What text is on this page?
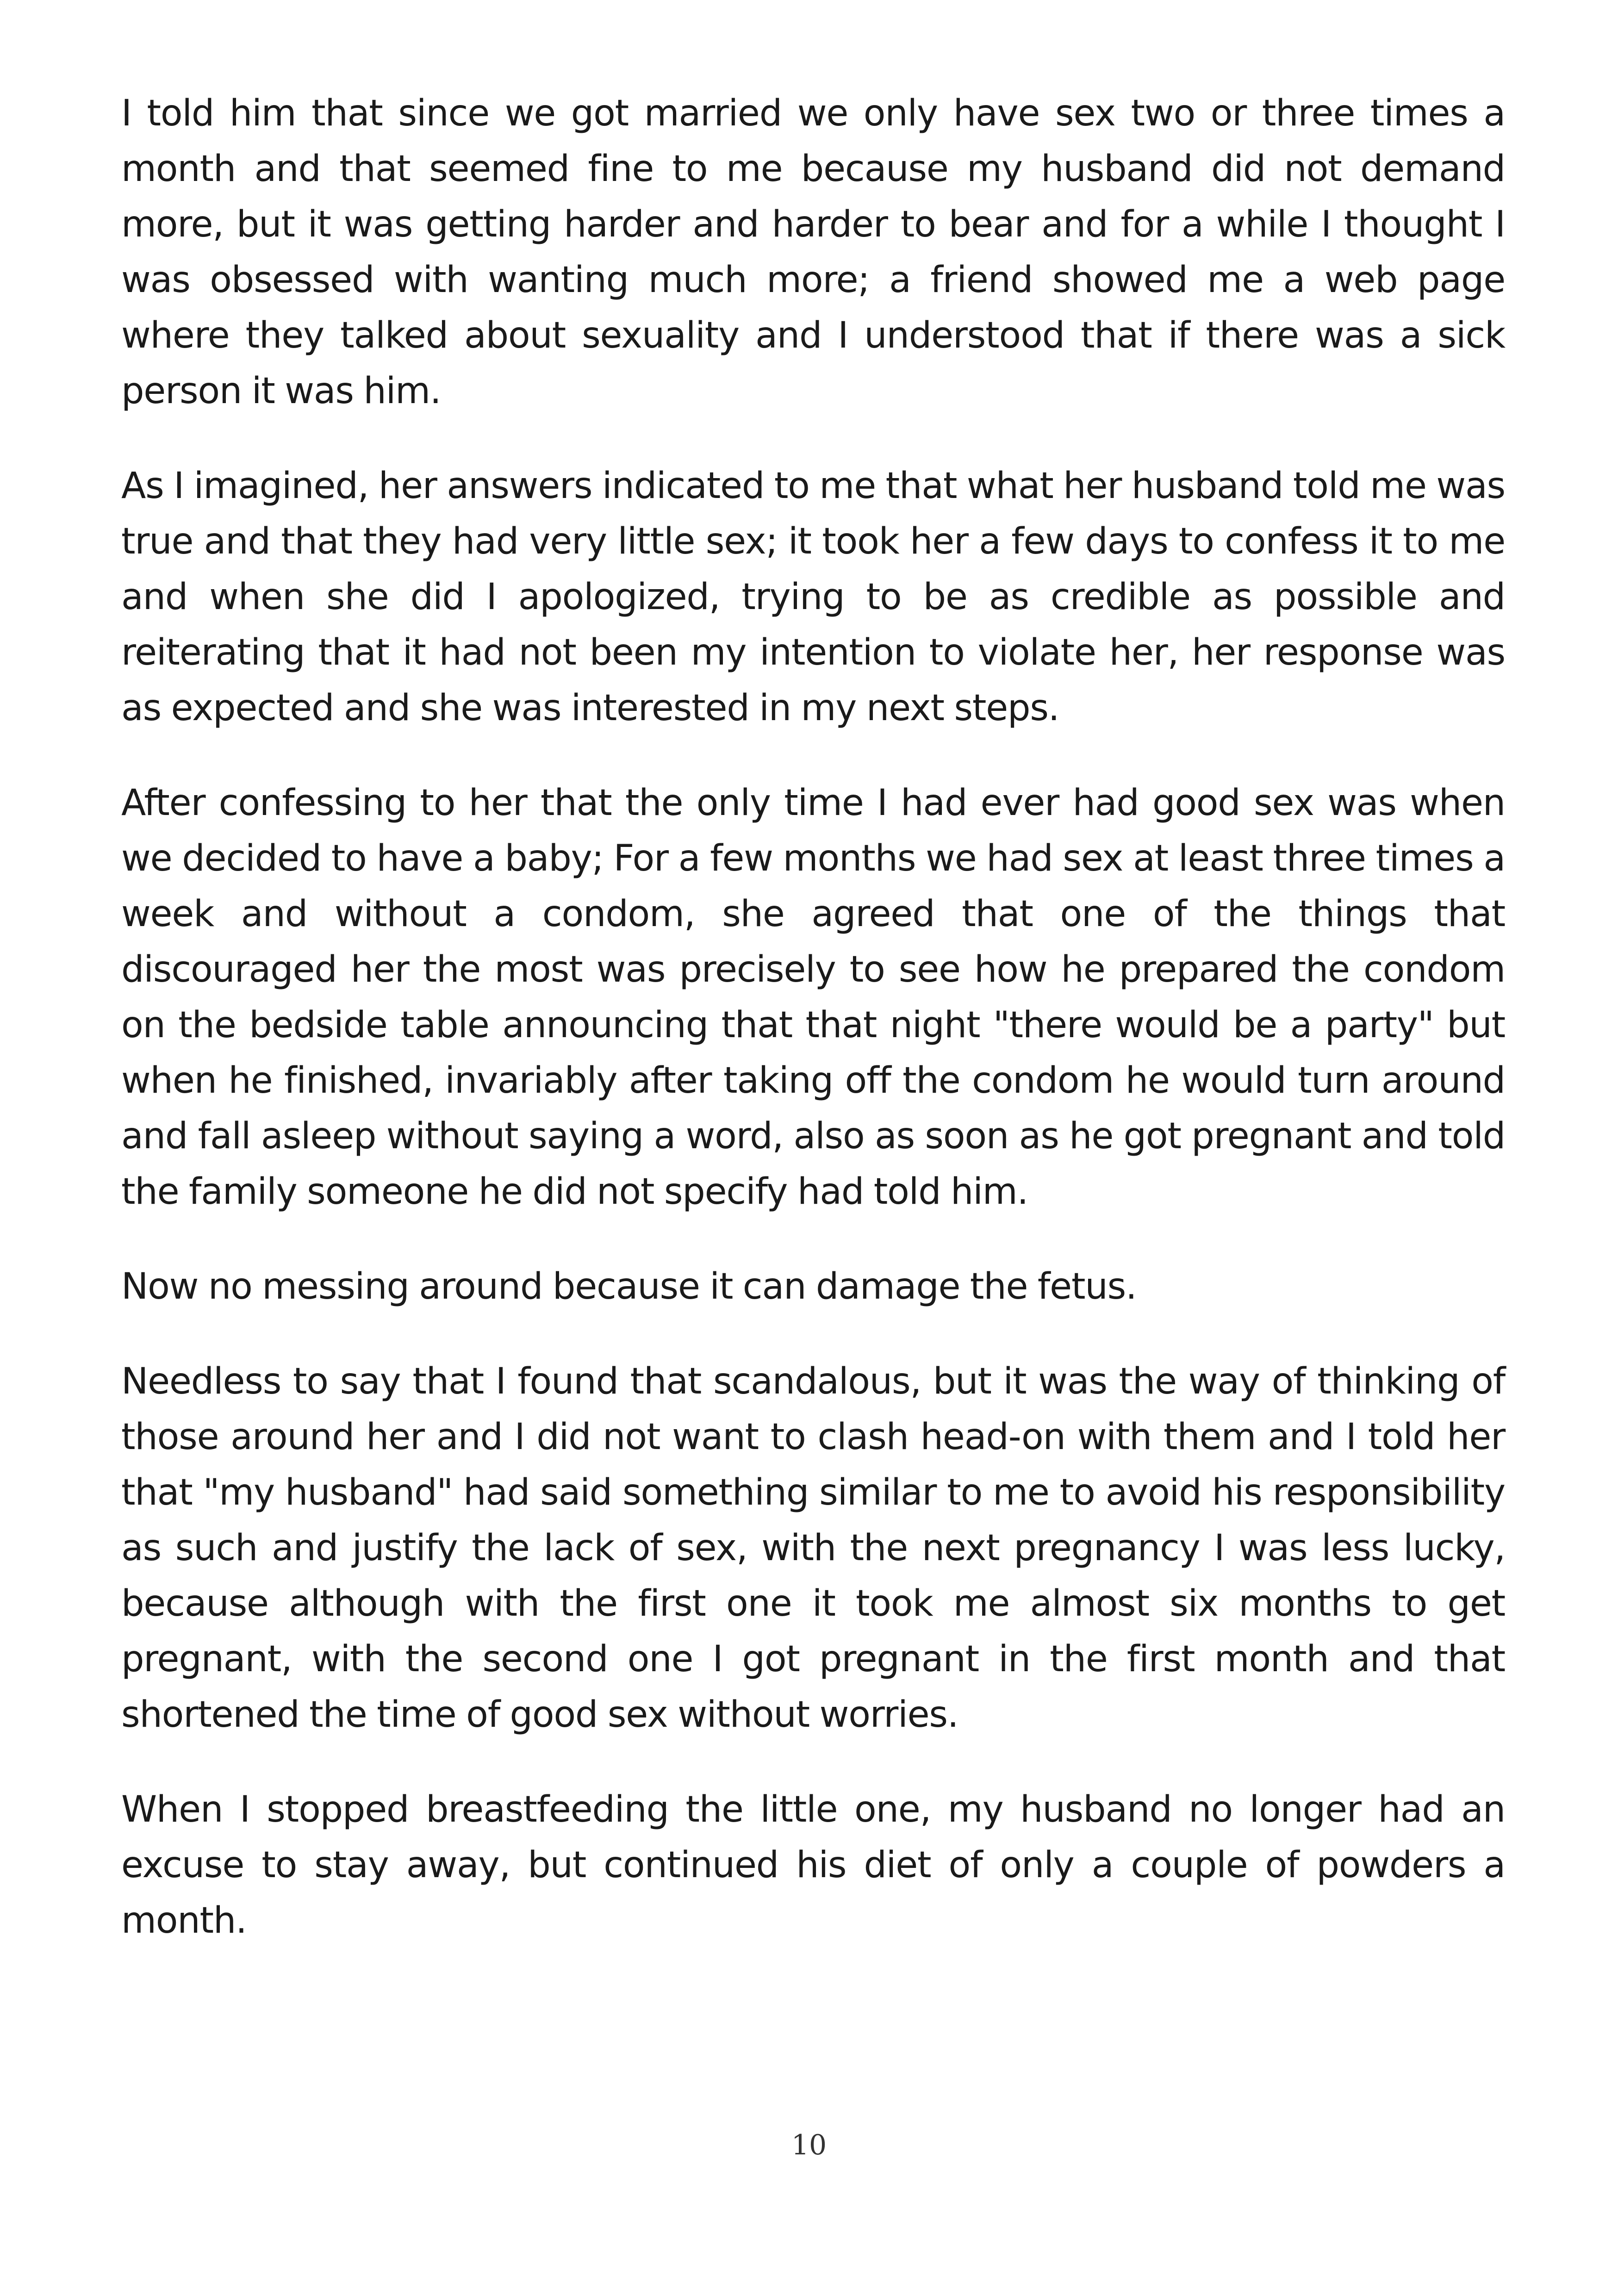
I told him that since we got married we only have sex two or three times a month and that seemed fine to me because my husband did not demand more, but it was getting harder and harder to bear and for a while I thought I was obsessed with wanting much more; a friend showed me a web page where they talked about sexuality and I understood that if there was a sick person it was him.

As I imagined, her answers indicated to me that what her husband told me was true and that they had very little sex; it took her a few days to confess it to me and when she did I apologized, trying to be as credible as possible and reiterating that it had not been my intention to violate her, her response was as expected and she was interested in my next steps.

After confessing to her that the only time I had ever had good sex was when we decided to have a baby; For a few months we had sex at least three times a week and without a condom, she agreed that one of the things that discouraged her the most was precisely to see how he prepared the condom on the bedside table announcing that that night "there would be a party" but when he finished, invariably after taking off the condom he would turn around and fall asleep without saying a word, also as soon as he got pregnant and told the family someone he did not specify had told him.

Now no messing around because it can damage the fetus.

Needless to say that I found that scandalous, but it was the way of thinking of those around her and I did not want to clash head-on with them and I told her that "my husband" had said something similar to me to avoid his responsibility as such and justify the lack of sex, with the next pregnancy I was less lucky, because although with the first one it took me almost six months to get pregnant, with the second one I got pregnant in the first month and that shortened the time of good sex without worries.

When I stopped breastfeeding the little one, my husband no longer had an excuse to stay away, but continued his diet of only a couple of powders a month.

10
